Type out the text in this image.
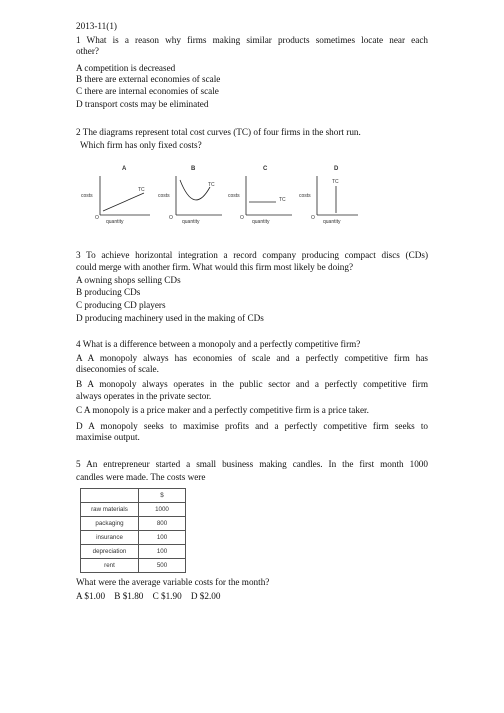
2013-11(1)
1 What is a reason why firms making similar products sometimes locate near each
other?
A competition is decreased
B there are external economies of scale
C there are internal economies of scale
D transport costs may be eliminated
2 The diagrams represent total cost curves (TC) of four firms in the short run.
Which firm has only fixed costs?
A
costs
quantity
O
TC
B
costs
quantity
O
TC
C
costs
quantity
O
TC
D
costs
quantity
O
TC
3 To achieve horizontal integration a record company producing compact discs (CDs)
could merge with another firm. What would this firm most likely be doing?
A owning shops selling CDs
B producing CDs
C producing CD players
D producing machinery used in the making of CDs
4 What is a difference between a monopoly and a perfectly competitive firm?
A A monopoly always has economies of scale and a perfectly competitive firm has
diseconomies of scale.
B A monopoly always operates in the public sector and a perfectly competitive firm
always operates in the private sector.
C A monopoly is a price maker and a perfectly competitive firm is a price taker.
D A monopoly seeks to maximise profits and a perfectly competitive firm seeks to
maximise output.
5 An entrepreneur started a small business making candles. In the first month 1000
candles were made. The costs were
	$
raw materials	1000
packaging	800
insurance	100
depreciation	100
rent	500
What were the average variable costs for the month?
A $1.00    B $1.80    C $1.90    D $2.00
